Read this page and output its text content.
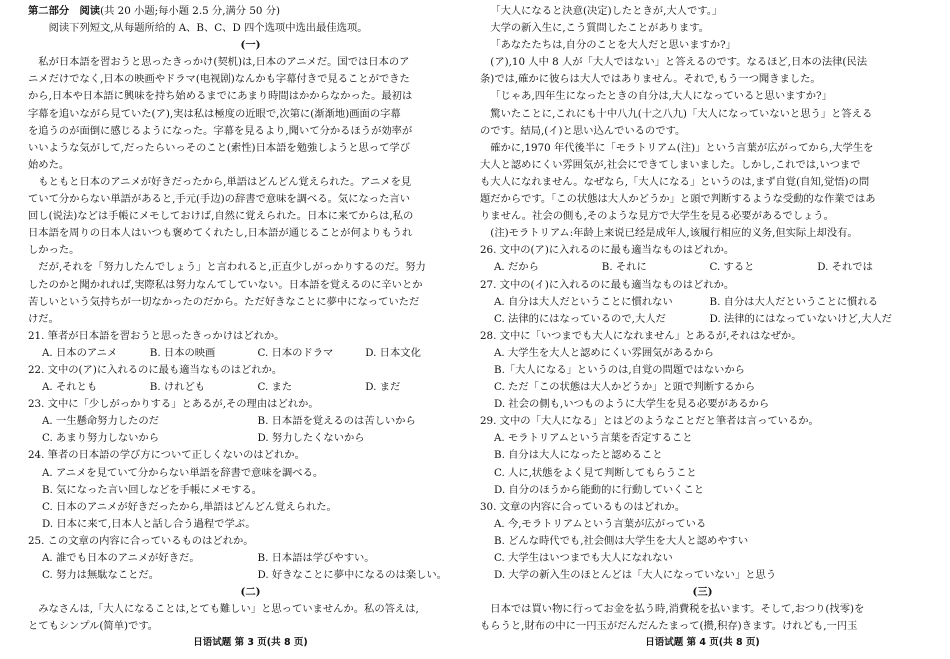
第二部分　阅读(共 20 小题;每小题 2.5 分,满分 50 分)

阅读下列短文,从每题所给的 A、B、C、D 四个选项中选出最佳选项。

(一)

私が日本語を習おうと思ったきっかけ(契机)は,日本のアニメだ。国では日本のア

ニメだけでなく,日本の映画やドラマ(电视剧)なんかも字幕付きで見ることができた

から,日本や日本語に興味を持ち始めるまでにあまり時間はかからなかった。最初は

字幕を追いながら見ていた(ア),実は私は極度の近眼で,次第に(渐渐地)画面の字幕

を追うのが面倒に感じるようになった。字幕を見るより,聞いて分かるほうが効率が

いいような気がして,だったらいっそのこと(索性)日本語を勉強しようと思って学び

始めた。

もともと日本のアニメが好きだったから,単語はどんどん覚えられた。アニメを見

ていて分からない単語があると,手元(手边)の辞書で意味を調べる。気になった言い

回し(说法)などは手帳にメモしておけば,自然に覚えられた。日本に来てからは,私の

日本語を周りの日本人はいつも褒めてくれたし,日本語が通じることが何よりもうれ

しかった。

だが,それを「努力したんでしょう」と言われると,正直少しがっかりするのだ。努力

したのかと聞かれれば,実際私は努力なんてしていない。日本語を覚えるのに辛いとか

苦しいという気持ちが一切なかったのだから。ただ好きなことに夢中になっていただ

けだ。

21. 筆者が日本語を習おうと思ったきっかけはどれか。

A. 日本のアニメ	B. 日本の映画	C. 日本のドラマ	D. 日本文化

22. 文中の(ア)に入れるのに最も適当なものはどれか。

A. それとも	B. けれども	C. また	D. まだ

23. 文中に「少しがっかりする」とあるが,その理由はどれか。

A. 一生懸命努力したのだ	B. 日本語を覚えるのは苦しいから
C. あまり努力しないから	D. 努力したくないから

24. 筆者の日本語の学び方について正しくないのはどれか。

A. アニメを見ていて分からない単語を辞書で意味を調べる。
B. 気になった言い回しなどを手帳にメモする。
C. 日本のアニメが好きだったから,単語はどんどん覚えられた。
D. 日本に来て,日本人と話し合う過程で学ぶ。

25. この文章の内容に合っているものはどれか。

A. 誰でも日本のアニメが好きだ。	B. 日本語は学びやすい。
C. 努力は無駄なことだ。	D. 好きなことに夢中になるのは楽しい。

(二)

みなさんは,「大人になることは,とても難しい」と思っていませんか。私の答えは,

とてもシンプル(简单)です。

日语试题 第 3 页(共 8 页)

「大人になると決意(决定)したときが,大人です。」

大学の新入生に,こう質問したことがあります。

「あなたたちは,自分のことを大人だと思いますか?」

(ア),10 人中 8 人が「大人ではない」と答えるのです。なるほど,日本の法律(民法

条)では,確かに彼らは大人ではありません。それで,もう一つ聞きました。

「じゃあ,四年生になったときの自分は,大人になっていると思いますか?」

驚いたことに,これにも十中八九(十之八九)「大人になっていないと思う」と答える

のです。結局,(イ)と思い込んでいるのです。

確かに,1970 年代後半に「モラトリアム(注)」という言葉が広がってから,大学生を

大人と認めにくい雰囲気が,社会にできてしまいました。しかし,これでは,いつまで

も大人になれません。なぜなら,「大人になる」というのは,まず自覚(自知,觉悟)の問

題だからです。「この状態は大人かどうか」と頭で判断するような受動的な作業ではあ

りません。社会の側も,そのような見方で大学生を見る必要があるでしょう。

(注)モラトリアム:年龄上来说已经是成年人,该履行相应的义务,但实际上却没有。

26. 文中の(ア)に入れるのに最も適当なものはどれか。

A. だから	B. それに	C. すると	D. それでは

27. 文中の(イ)に入れるのに最も適当なものはどれか。

A. 自分は大人だということに慣れない	B. 自分は大人だということに慣れる
C. 法律的にはなっているので,大人だ	D. 法律的にはなっていないけど,大人だ

28. 文中に「いつまでも大人になれません」とあるが,それはなぜか。

A. 大学生を大人と認めにくい雰囲気があるから
B.「大人になる」というのは,自覚の問題ではないから
C. ただ「この状態は大人かどうか」と頭で判断するから
D. 社会の側も,いつものように大学生を見る必要があるから

29. 文中の「大人になる」とはどのようなことだと筆者は言っているか。

A. モラトリアムという言葉を否定すること
B. 自分は大人になったと認めること
C. 人に,状態をよく見て判断してもらうこと
D. 自分のほうから能動的に行動していくこと

30. 文章の内容に合っているものはどれか。

A. 今,モラトリアムという言葉が広がっている
B. どんな時代でも,社会側は大学生を大人と認めやすい
C. 大学生はいつまでも大人になれない
D. 大学の新入生のほとんどは「大人になっていない」と思う

(三)

日本では買い物に行ってお金を払う時,消費税を払います。そして,おつり(找零)を

もらうと,財布の中に一円玉がだんだんたまって(攒,积存)きます。けれども,一円玉

日语试题 第 4 页(共 8 页)
